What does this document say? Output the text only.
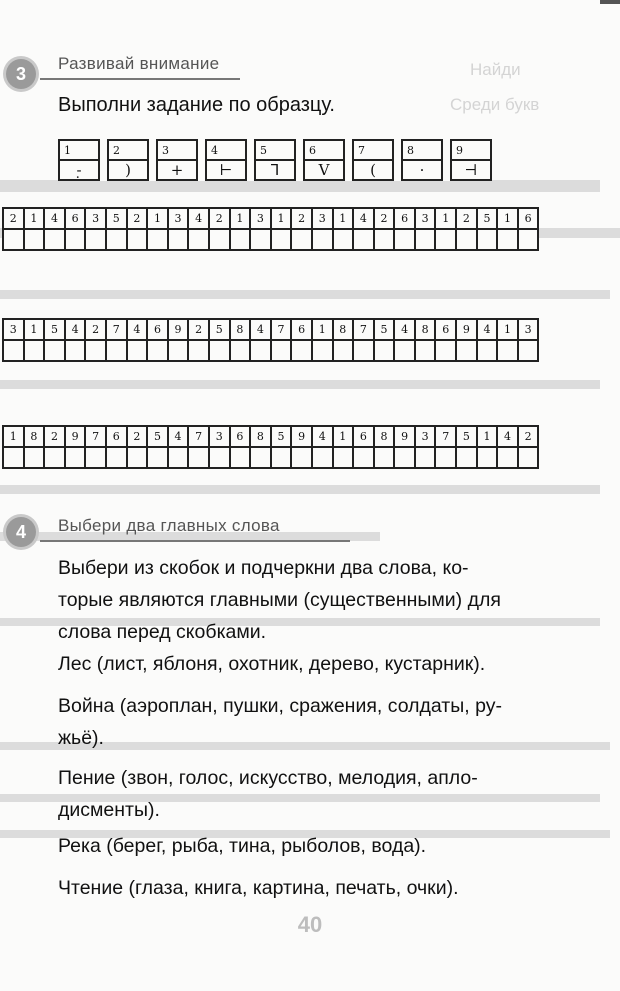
Найди
Среди букв
3	Развивай внимание
Выполни задание по образцу.
1		2		3		4		5		6		7		8		9
-̣		)		+		⊢		⅂		V		(		·		⊣
2	1	4	6	3	5	2	1	3	4	2	1	3	1	2	3	1	4	2	6	3	1	2	5	1	6

3	1	5	4	2	7	4	6	9	2	5	8	4	7	6	1	8	7	5	4	8	6	9	4	1	3

1	8	2	9	7	6	2	5	4	7	3	6	8	5	9	4	1	6	8	9	3	7	5	1	4	2

4	Выбери два главных слова

Выбери из скобок и подчеркни два слова, ко-

торые являются главными (существенными) для

слова перед скобками.

Лес (лист, яблоня, охотник, дерево, кустарник).

Война (аэроплан, пушки, сражения, солдаты, ру-

жьё).

Пение (звон, голос, искусство, мелодия, апло-

дисменты).

Река (берег, рыба, тина, рыболов, вода).

Чтение (глаза, книга, картина, печать, очки).

40
